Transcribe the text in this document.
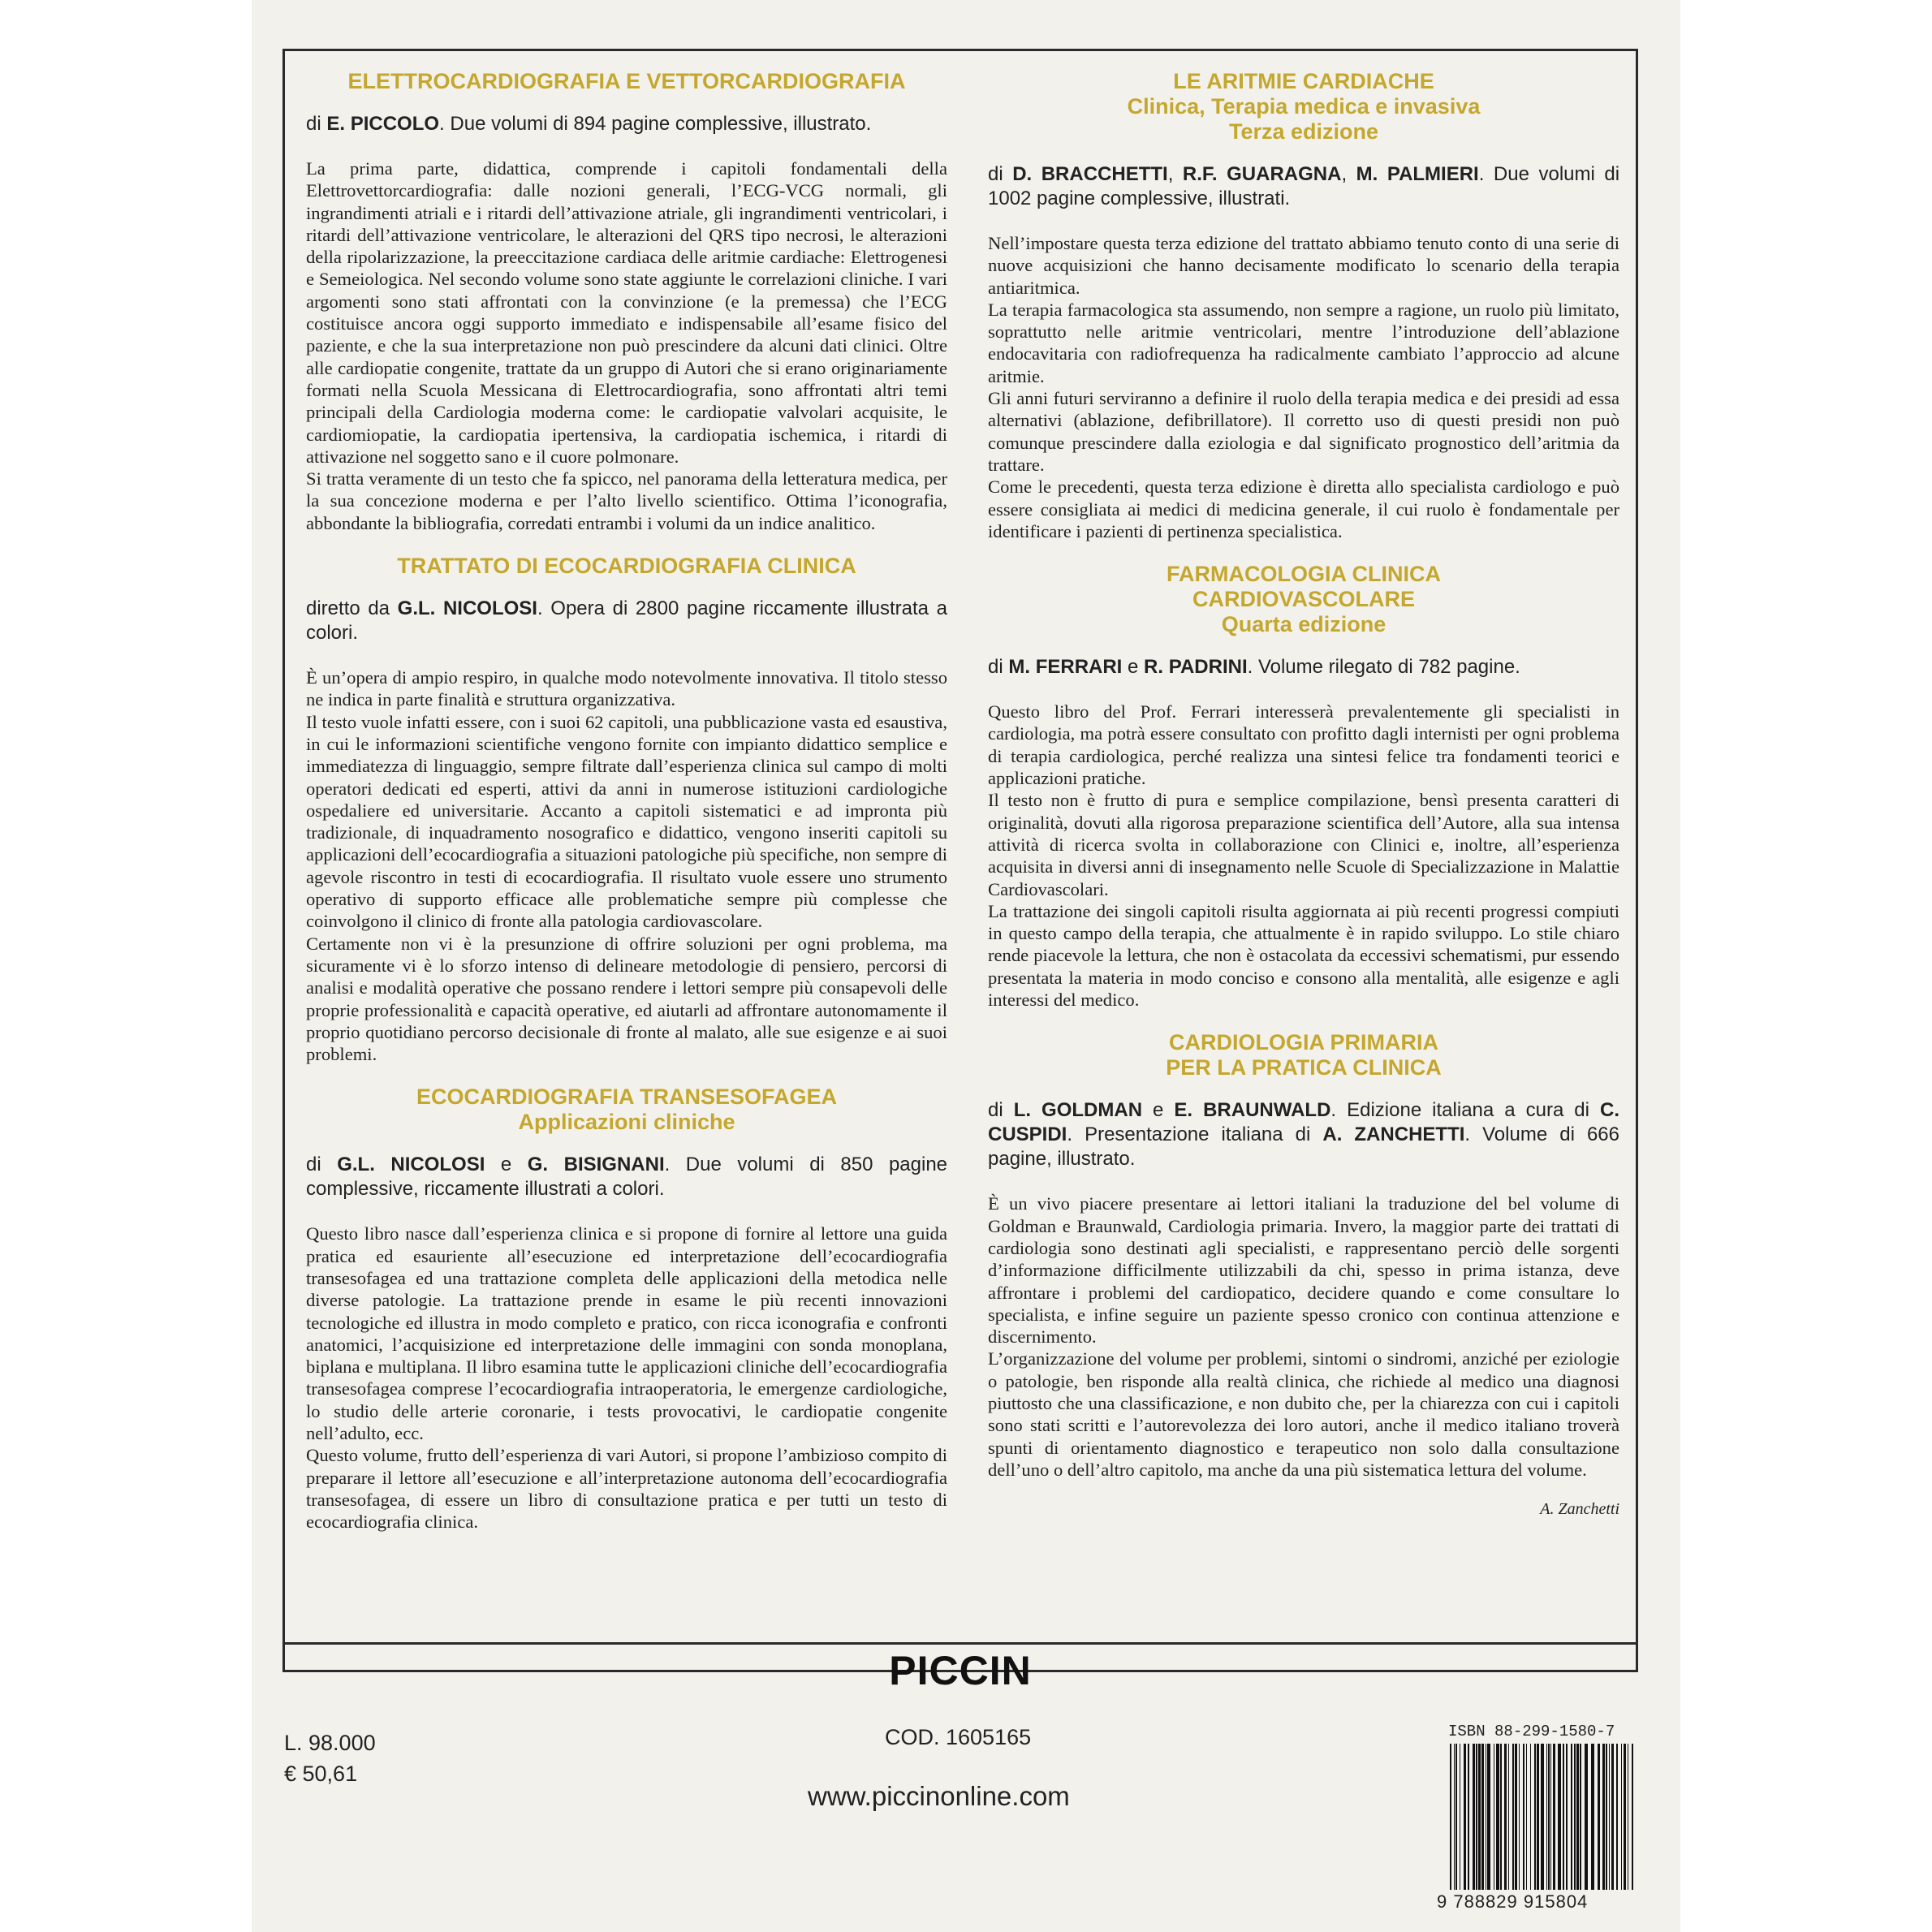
ELETTROCARDIOGRAFIA E VETTORCARDIOGRAFIA
di E. PICCOLO. Due volumi di 894 pagine complessive, illustrato.

La prima parte, didattica, comprende i capitoli fondamentali della Elettrovettorcardiografia: dalle nozioni generali, l’ECG-VCG normali, gli ingrandimenti atriali e i ritardi dell’attivazione atriale, gli ingrandimenti ventricolari, i ritardi dell’attivazione ventricolare, le alterazioni del QRS tipo necrosi, le alterazioni della ripolarizzazione, la preeccitazione cardiaca delle aritmie cardiache: Elettrogenesi e Semeiologica. Nel secondo volume sono state aggiunte le correlazioni cliniche. I vari argomenti sono stati affrontati con la convinzione (e la premessa) che l’ECG costituisce ancora oggi supporto immediato e indispensabile all’esame fisico del paziente, e che la sua interpretazione non può prescindere da alcuni dati clinici. Oltre alle cardiopatie congenite, trattate da un gruppo di Autori che si erano originariamente formati nella Scuola Messicana di Elettrocardiografia, sono affrontati altri temi principali della Cardiologia moderna come: le cardiopatie valvolari acquisite, le cardiomiopatie, la cardiopatia ipertensiva, la cardiopatia ischemica, i ritardi di attivazione nel soggetto sano e il cuore polmonare.

Si tratta veramente di un testo che fa spicco, nel panorama della letteratura medica, per la sua concezione moderna e per l’alto livello scientifico. Ottima l’iconografia, abbondante la bibliografia, corredati entrambi i volumi da un indice analitico.

TRATTATO DI ECOCARDIOGRAFIA CLINICA
diretto da G.L. NICOLOSI. Opera di 2800 pagine riccamente illustrata a colori.

È un’opera di ampio respiro, in qualche modo notevolmente innovativa. Il titolo stesso ne indica in parte finalità e struttura organizzativa.

Il testo vuole infatti essere, con i suoi 62 capitoli, una pubblicazione vasta ed esaustiva, in cui le informazioni scientifiche vengono fornite con impianto didattico semplice e immediatezza di linguaggio, sempre filtrate dall’esperienza clinica sul campo di molti operatori dedicati ed esperti, attivi da anni in numerose istituzioni cardiologiche ospedaliere ed universitarie. Accanto a capitoli sistematici e ad impronta più tradizionale, di inquadramento nosografico e didattico, vengono inseriti capitoli su applicazioni dell’ecocardiografia a situazioni patologiche più specifiche, non sempre di agevole riscontro in testi di ecocardiografia. Il risultato vuole essere uno strumento operativo di supporto efficace alle problematiche sempre più complesse che coinvolgono il clinico di fronte alla patologia cardiovascolare.

Certamente non vi è la presunzione di offrire soluzioni per ogni problema, ma sicuramente vi è lo sforzo intenso di delineare metodologie di pensiero, percorsi di analisi e modalità operative che possano rendere i lettori sempre più consapevoli delle proprie professionalità e capacità operative, ed aiutarli ad affrontare autonomamente il proprio quotidiano percorso decisionale di fronte al malato, alle sue esigenze e ai suoi problemi.

ECOCARDIOGRAFIA TRANSESOFAGEA
Applicazioni cliniche
di G.L. NICOLOSI e G. BISIGNANI. Due volumi di 850 pagine complessive, riccamente illustrati a colori.

Questo libro nasce dall’esperienza clinica e si propone di fornire al lettore una guida pratica ed esauriente all’esecuzione ed interpretazione dell’ecocardiografia transesofagea ed una trattazione completa delle applicazioni della metodica nelle diverse patologie. La trattazione prende in esame le più recenti innovazioni tecnologiche ed illustra in modo completo e pratico, con ricca iconografia e confronti anatomici, l’acquisizione ed interpretazione delle immagini con sonda monoplana, biplana e multiplana. Il libro esamina tutte le applicazioni cliniche dell’ecocardiografia transesofagea comprese l’ecocardiografia intraoperatoria, le emergenze cardiologiche, lo studio delle arterie coronarie, i tests provocativi, le cardiopatie congenite nell’adulto, ecc.

Questo volume, frutto dell’esperienza di vari Autori, si propone l’ambizioso compito di preparare il lettore all’esecuzione e all’interpretazione autonoma dell’ecocardiografia transesofagea, di essere un libro di consultazione pratica e per tutti un testo di ecocardiografia clinica.

LE ARITMIE CARDIACHE
Clinica, Terapia medica e invasiva
Terza edizione
di D. BRACCHETTI, R.F. GUARAGNA, M. PALMIERI. Due volumi di 1002 pagine complessive, illustrati.

Nell’impostare questa terza edizione del trattato abbiamo tenuto conto di una serie di nuove acquisizioni che hanno decisamente modificato lo scenario della terapia antiaritmica.

La terapia farmacologica sta assumendo, non sempre a ragione, un ruolo più limitato, soprattutto nelle aritmie ventricolari, mentre l’introduzione dell’ablazione endocavitaria con radiofrequenza ha radicalmente cambiato l’approccio ad alcune aritmie.

Gli anni futuri serviranno a definire il ruolo della terapia medica e dei presidi ad essa alternativi (ablazione, defibrillatore). Il corretto uso di questi presidi non può comunque prescindere dalla eziologia e dal significato prognostico dell’aritmia da trattare.

Come le precedenti, questa terza edizione è diretta allo specialista cardiologo e può essere consigliata ai medici di medicina generale, il cui ruolo è fondamentale per identificare i pazienti di pertinenza specialistica.

FARMACOLOGIA CLINICA
CARDIOVASCOLARE
Quarta edizione
di M. FERRARI e R. PADRINI. Volume rilegato di 782 pagine.

Questo libro del Prof. Ferrari interesserà prevalentemente gli specialisti in cardiologia, ma potrà essere consultato con profitto dagli internisti per ogni problema di terapia cardiologica, perché realizza una sintesi felice tra fondamenti teorici e applicazioni pratiche.

Il testo non è frutto di pura e semplice compilazione, bensì presenta caratteri di originalità, dovuti alla rigorosa preparazione scientifica dell’Autore, alla sua intensa attività di ricerca svolta in collaborazione con Clinici e, inoltre, all’esperienza acquisita in diversi anni di insegnamento nelle Scuole di Specializzazione in Malattie Cardiovascolari.

La trattazione dei singoli capitoli risulta aggiornata ai più recenti progressi compiuti in questo campo della terapia, che attualmente è in rapido sviluppo. Lo stile chiaro rende piacevole la lettura, che non è ostacolata da eccessivi schematismi, pur essendo presentata la materia in modo conciso e consono alla mentalità, alle esigenze e agli interessi del medico.

CARDIOLOGIA PRIMARIA
PER LA PRATICA CLINICA
di L. GOLDMAN e E. BRAUNWALD. Edizione italiana a cura di C. CUSPIDI. Presentazione italiana di A. ZANCHETTI. Volume di 666 pagine, illustrato.

È un vivo piacere presentare ai lettori italiani la traduzione del bel volume di Goldman e Braunwald, Cardiologia primaria. Invero, la maggior parte dei trattati di cardiologia sono destinati agli specialisti, e rappresentano perciò delle sorgenti d’informazione difficilmente utilizzabili da chi, spesso in prima istanza, deve affrontare i problemi del cardiopatico, decidere quando e come consultare lo specialista, e infine seguire un paziente spesso cronico con continua attenzione e discernimento.

L’organizzazione del volume per problemi, sintomi o sindromi, anziché per eziologie o patologie, ben risponde alla realtà clinica, che richiede al medico una diagnosi piuttosto che una classificazione, e non dubito che, per la chiarezza con cui i capitoli sono stati scritti e l’autorevolezza dei loro autori, anche il medico italiano troverà spunti di orientamento diagnostico e terapeutico non solo dalla consultazione dell’uno o dell’altro capitolo, ma anche da una più sistematica lettura del volume.

A. Zanchetti
PICCIN
L. 98.000
€ 50,61
COD. 1605165
www.piccinonline.com
ISBN 88-299-1580-7
9 788829 915804
